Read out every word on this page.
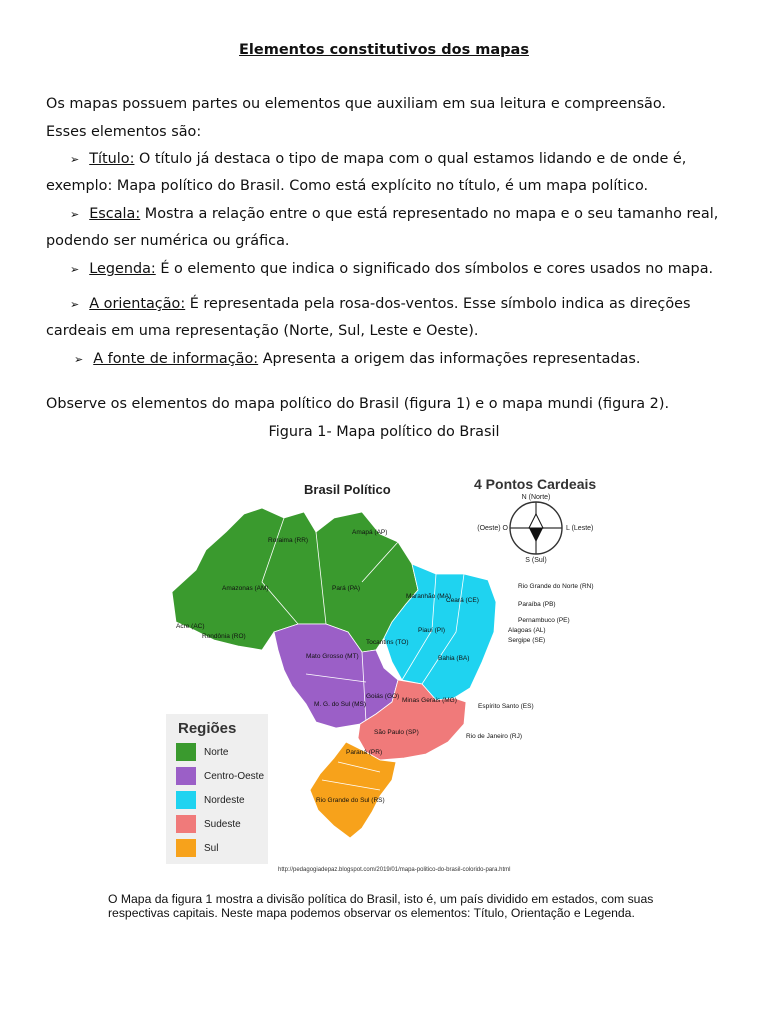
Elementos constitutivos dos mapas
Os mapas possuem partes ou elementos que auxiliam em sua leitura e compreensão.
Esses elementos são:
➢ Título: O título já destaca o tipo de mapa com o qual estamos lidando e de onde é,
exemplo: Mapa político do Brasil. Como está explícito no título, é um mapa político.
➢ Escala: Mostra a relação entre o que está representado no mapa e o seu tamanho real,
podendo ser numérica ou gráfica.
➢ Legenda: É o elemento que indica o significado dos símbolos e cores usados no mapa.
➢ A orientação: É representada pela rosa-dos-ventos. Esse símbolo indica as direções
cardeais em uma representação (Norte, Sul, Leste e Oeste).
➢ A fonte de informação: Apresenta a origem das informações representadas.
Observe os elementos do mapa político do Brasil (figura 1) e o mapa mundi (figura 2).
Figura 1- Mapa político do Brasil
Roraima (RR)
Amapá (AP)
Amazonas (AM)	Pará (PA)
Acre (AC)
Rondônia (RO)
Maranhão (MA)
Ceará (CE)
Piauí (PI)
Bahia (BA)
Tocantins (TO)
Mato Grosso (MT)
Goiás (GO)
M. G. do Sul (MS)
Minas Gerais (MG)
São Paulo (SP)
Paraná (PR)
Rio Grande do Sul (RS)
Rio Grande do Norte (RN)
Paraíba (PB)
Pernambuco (PE)
Alagoas (AL)
Sergipe (SE)
Espírito Santo (ES)
Rio de Janeiro (RJ)
N (Norte)
S (Sul)
L (Leste)
(Oeste) O
Brasil Político	4 Pontos Cardeais
Regiões
Norte
Centro-Oeste
Nordeste
Sudeste
Sul
http://pedagogiadepaz.blogspot.com/2019/01/mapa-politico-do-brasil-colorido-para.html
O Mapa da figura 1 mostra a divisão política do Brasil, isto é, um país dividido em estados, com suas respectivas capitais. Neste mapa podemos observar os elementos: Título, Orientação e Legenda.
